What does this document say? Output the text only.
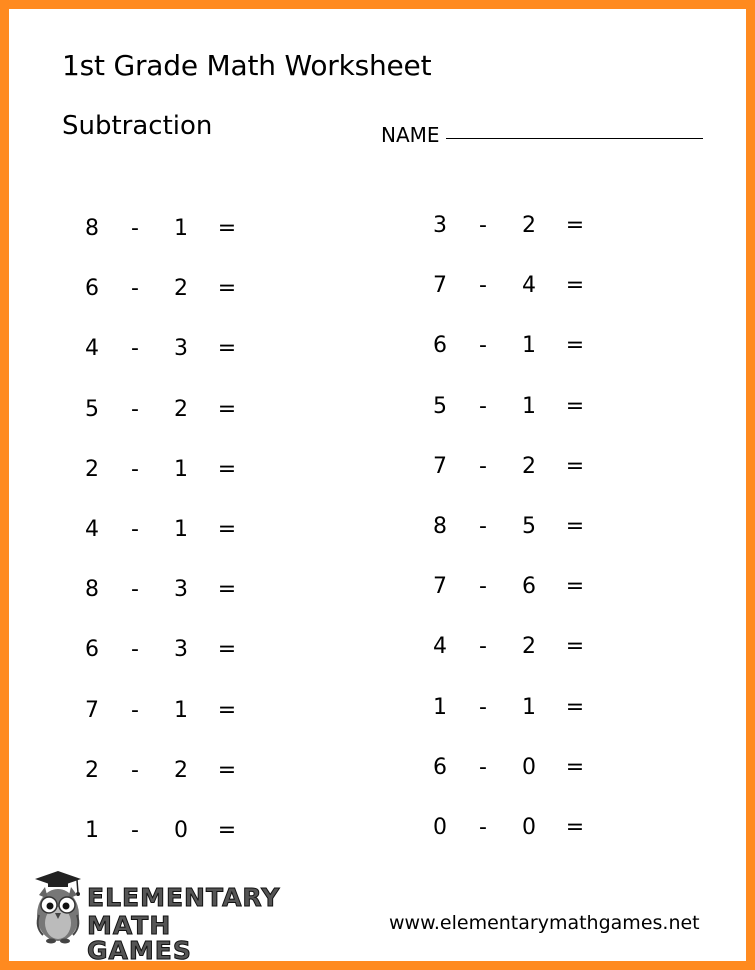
1st Grade Math Worksheet
Subtraction	NAME
8	-	1	=
6	-	2	=
4	-	3	=
5	-	2	=
2	-	1	=
4	-	1	=
8	-	3	=
6	-	3	=
7	-	1	=
2	-	2	=
1	-	0	=
3	-	2	=
7	-	4	=
6	-	1	=
5	-	1	=
7	-	2	=
8	-	5	=
7	-	6	=
4	-	2	=
1	-	1	=
6	-	0	=
0	-	0	=
ELEMENTARY
MATH GAMES
www.elementarymathgames.net
